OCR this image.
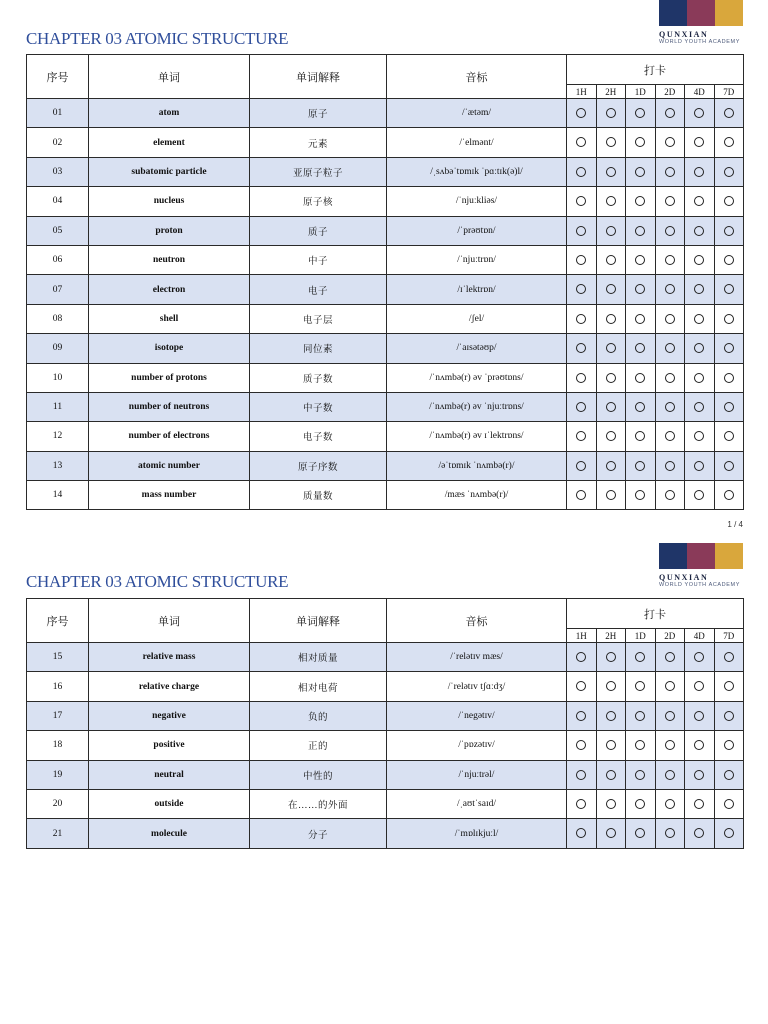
CHAPTER 03 ATOMIC STRUCTURE	QUNXIAN
WORLD YOUTH ACADEMY
序号	单词	单词解释	音标	打卡					
				1H	2H	1D	2D	4D	7D
01	atom	原子	/ˈætəm/						
02	element	元素	/ˈelmənt/						
03	subatomic particle	亚原子粒子	/ˌsʌbəˈtɒmɪk ˈpɑːtɪk(ə)l/						
04	nucleus	原子核	/ˈnjuːkliəs/						
05	proton	质子	/ˈprəʊtɒn/						
06	neutron	中子	/ˈnjuːtrɒn/						
07	electron	电子	/ɪˈlektrɒn/						
08	shell	电子层	/ʃel/						
09	isotope	同位素	/ˈaɪsətəʊp/						
10	number of protons	质子数	/ˈnʌmbə(r) əv ˈprəʊtɒns/						
11	number of neutrons	中子数	/ˈnʌmbə(r) əv ˈnjuːtrɒns/						
12	number of electrons	电子数	/ˈnʌmbə(r) əv ɪˈlektrɒns/						
13	atomic number	原子序数	/əˈtɒmɪk ˈnʌmbə(r)/						
14	mass number	质量数	/mæs ˈnʌmbə(r)/						
1 / 4
CHAPTER 03 ATOMIC STRUCTURE	QUNXIAN
WORLD YOUTH ACADEMY
序号	单词	单词解释	音标	打卡					
				1H	2H	1D	2D	4D	7D
15	relative mass	相对质量	/ˈrelətɪv mæs/						
16	relative charge	相对电荷	/ˈrelətɪv tʃɑːdʒ/						
17	negative	负的	/ˈnegətɪv/						
18	positive	正的	/ˈpɒzətɪv/						
19	neutral	中性的	/ˈnjuːtrəl/						
20	outside	在……的外面	/ˌaʊtˈsaɪd/						
21	molecule	分子	/ˈmɒlɪkjuːl/						
